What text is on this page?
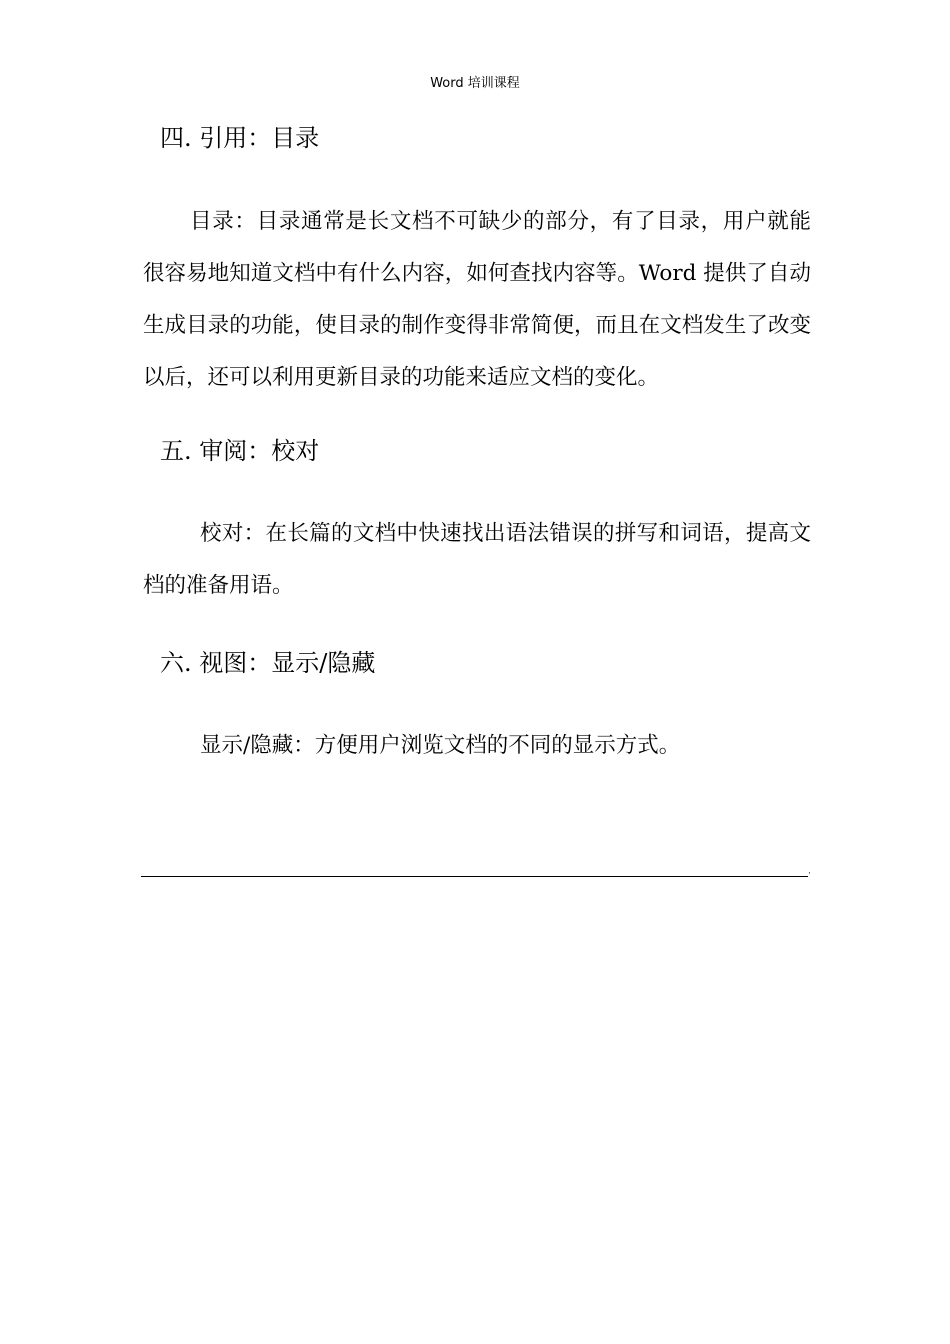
Word 培训课程
四. 引用：目录

目录：目录通常是长文档不可缺少的部分，有了目录，用户就能很容易地知道文档中有什么内容，如何查找内容等。Word 提供了自动生成目录的功能，使目录的制作变得非常简便，而且在文档发生了改变以后，还可以利用更新目录的功能来适应文档的变化。

五. 审阅：校对

校对：在长篇的文档中快速找出语法错误的拼写和词语，提高文档的准备用语。

六. 视图：显示/隐藏

显示/隐藏：方便用户浏览文档的不同的显示方式。

·
